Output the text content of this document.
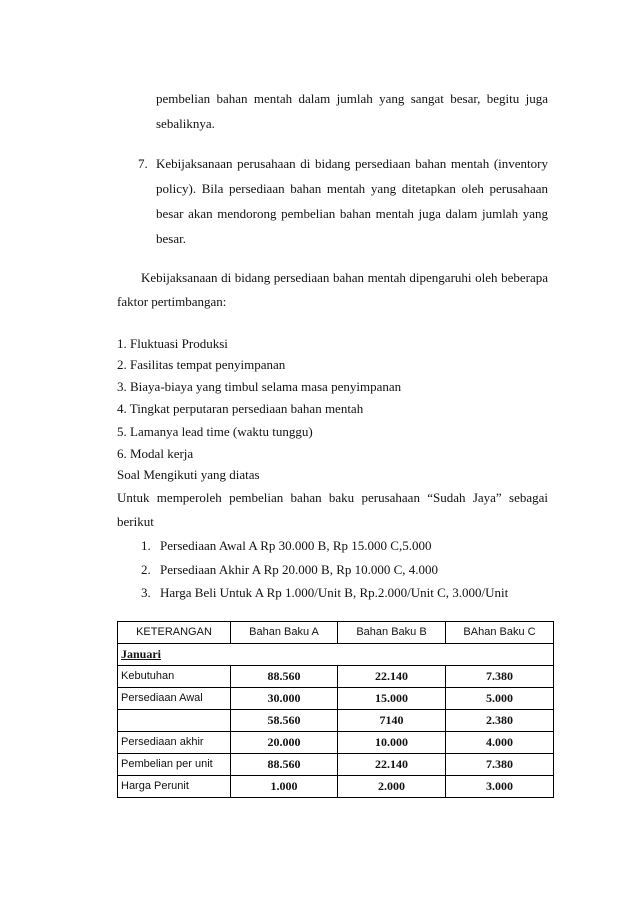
pembelian bahan mentah dalam jumlah yang sangat besar, begitu juga
sebaliknya.
7. Kebijaksanaan perusahaan di bidang persediaan bahan mentah (inventory
policy). Bila persediaan bahan mentah yang ditetapkan oleh perusahaan
besar akan mendorong pembelian bahan mentah juga dalam jumlah yang
besar.
Kebijaksanaan di bidang persediaan bahan mentah dipengaruhi oleh beberapa
faktor pertimbangan:
1. Fluktuasi Produksi
2. Fasilitas tempat penyimpanan
3. Biaya-biaya yang timbul selama masa penyimpanan
4. Tingkat perputaran persediaan bahan mentah
5. Lamanya lead time (waktu tunggu)
6. Modal kerja
Soal Mengikuti yang diatas
Untuk memperoleh pembelian bahan baku perusahaan “Sudah Jaya” sebagai
berikut
1. Persediaan Awal A Rp 30.000 B, Rp 15.000 C,5.000
2. Persediaan Akhir A Rp 20.000 B, Rp 10.000 C, 4.000
3. Harga Beli Untuk A Rp 1.000/Unit B, Rp.2.000/Unit C, 3.000/Unit
KETERANGAN	Bahan Baku A	Bahan Baku B	BAhan Baku C
Januari			
Kebutuhan	88.560	22.140	7.380
Persediaan Awal	30.000	15.000	5.000
	58.560	7140	2.380
Persediaan akhir	20.000	10.000	4.000
Pembelian per unit	88.560	22.140	7.380
Harga Perunit	1.000	2.000	3.000
